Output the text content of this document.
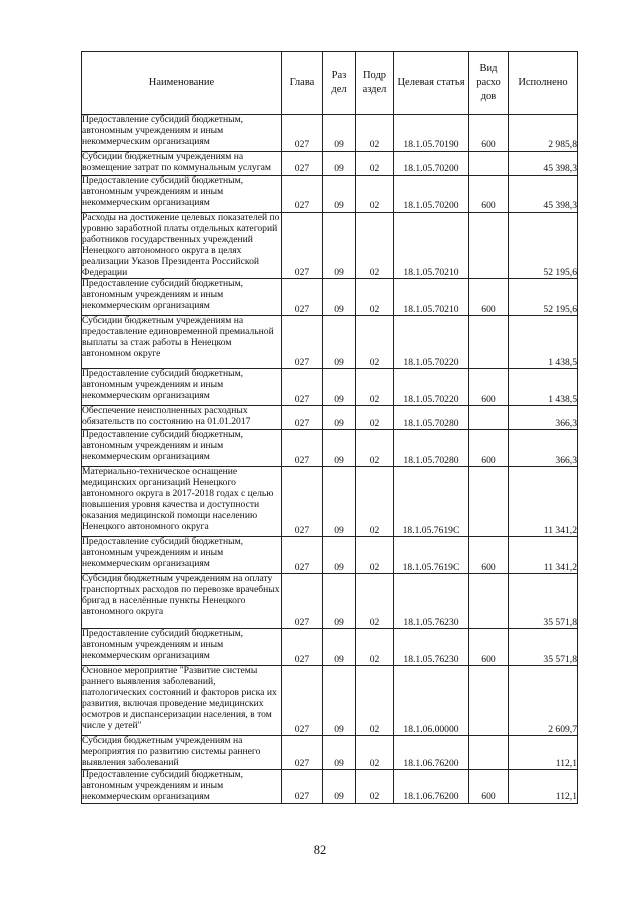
Наименование	Глава	Раз дел	Подр аздел	Целевая статья	Вид расхо дов	Исполнено
Предоставление субсидий бюджетным, автономным учреждениям и иным некоммерческим организациям	027	09	02	18.1.05.70190	600	2 985,8
Субсидии бюджетным учреждениям на возмещение затрат по коммунальным услугам	027	09	02	18.1.05.70200		45 398,3
Предоставление субсидий бюджетным, автономным учреждениям и иным некоммерческим организациям	027	09	02	18.1.05.70200	600	45 398,3
Расходы на достижение целевых показателей по уровню заработной платы отдельных категорий работников государственных учреждений Ненецкого автономного округа в целях реализации Указов Президента Российской Федерации	027	09	02	18.1.05.70210		52 195,6
Предоставление субсидий бюджетным, автономным учреждениям и иным некоммерческим организациям	027	09	02	18.1.05.70210	600	52 195,6
Субсидии бюджетным учреждениям на предоставление единовременной премиальной выплаты за стаж работы в Ненецком автономном округе	027	09	02	18.1.05.70220		1 438,5
Предоставление субсидий бюджетным, автономным учреждениям и иным некоммерческим организациям	027	09	02	18.1.05.70220	600	1 438,5
Обеспечение неисполненных расходных обязательств по состоянию на 01.01.2017	027	09	02	18.1.05.70280		366,3
Предоставление субсидий бюджетным, автономным учреждениям и иным некоммерческим организациям	027	09	02	18.1.05.70280	600	366,3
Материально-техническое оснащение медицинских организаций Ненецкого автономного округа в 2017-2018 годах с целью повышения уровня качества и доступности оказания медицинской помощи населению Ненецкого автономного округа	027	09	02	18.1.05.7619С		11 341,2
Предоставление субсидий бюджетным, автономным учреждениям и иным некоммерческим организациям	027	09	02	18.1.05.7619С	600	11 341,2
Субсидия бюджетным учреждениям на оплату транспортных расходов по перевозке врачебных бригад в населённые пункты Ненецкого автономного округа	027	09	02	18.1.05.76230		35 571,8
Предоставление субсидий бюджетным, автономным учреждениям и иным некоммерческим организациям	027	09	02	18.1.05.76230	600	35 571,8
Основное мероприятие "Развитие системы раннего выявления заболеваний, патологических состояний и факторов риска их развития, включая проведение медицинских осмотров и диспансеризации населения, в том числе у детей"	027	09	02	18.1.06.00000		2 609,7
Субсидия бюджетным учреждениям на мероприятия по развитию системы раннего выявления заболеваний	027	09	02	18.1.06.76200		112,1
Предоставление субсидий бюджетным, автономным учреждениям и иным некоммерческим организациям	027	09	02	18.1.06.76200	600	112,1
82
